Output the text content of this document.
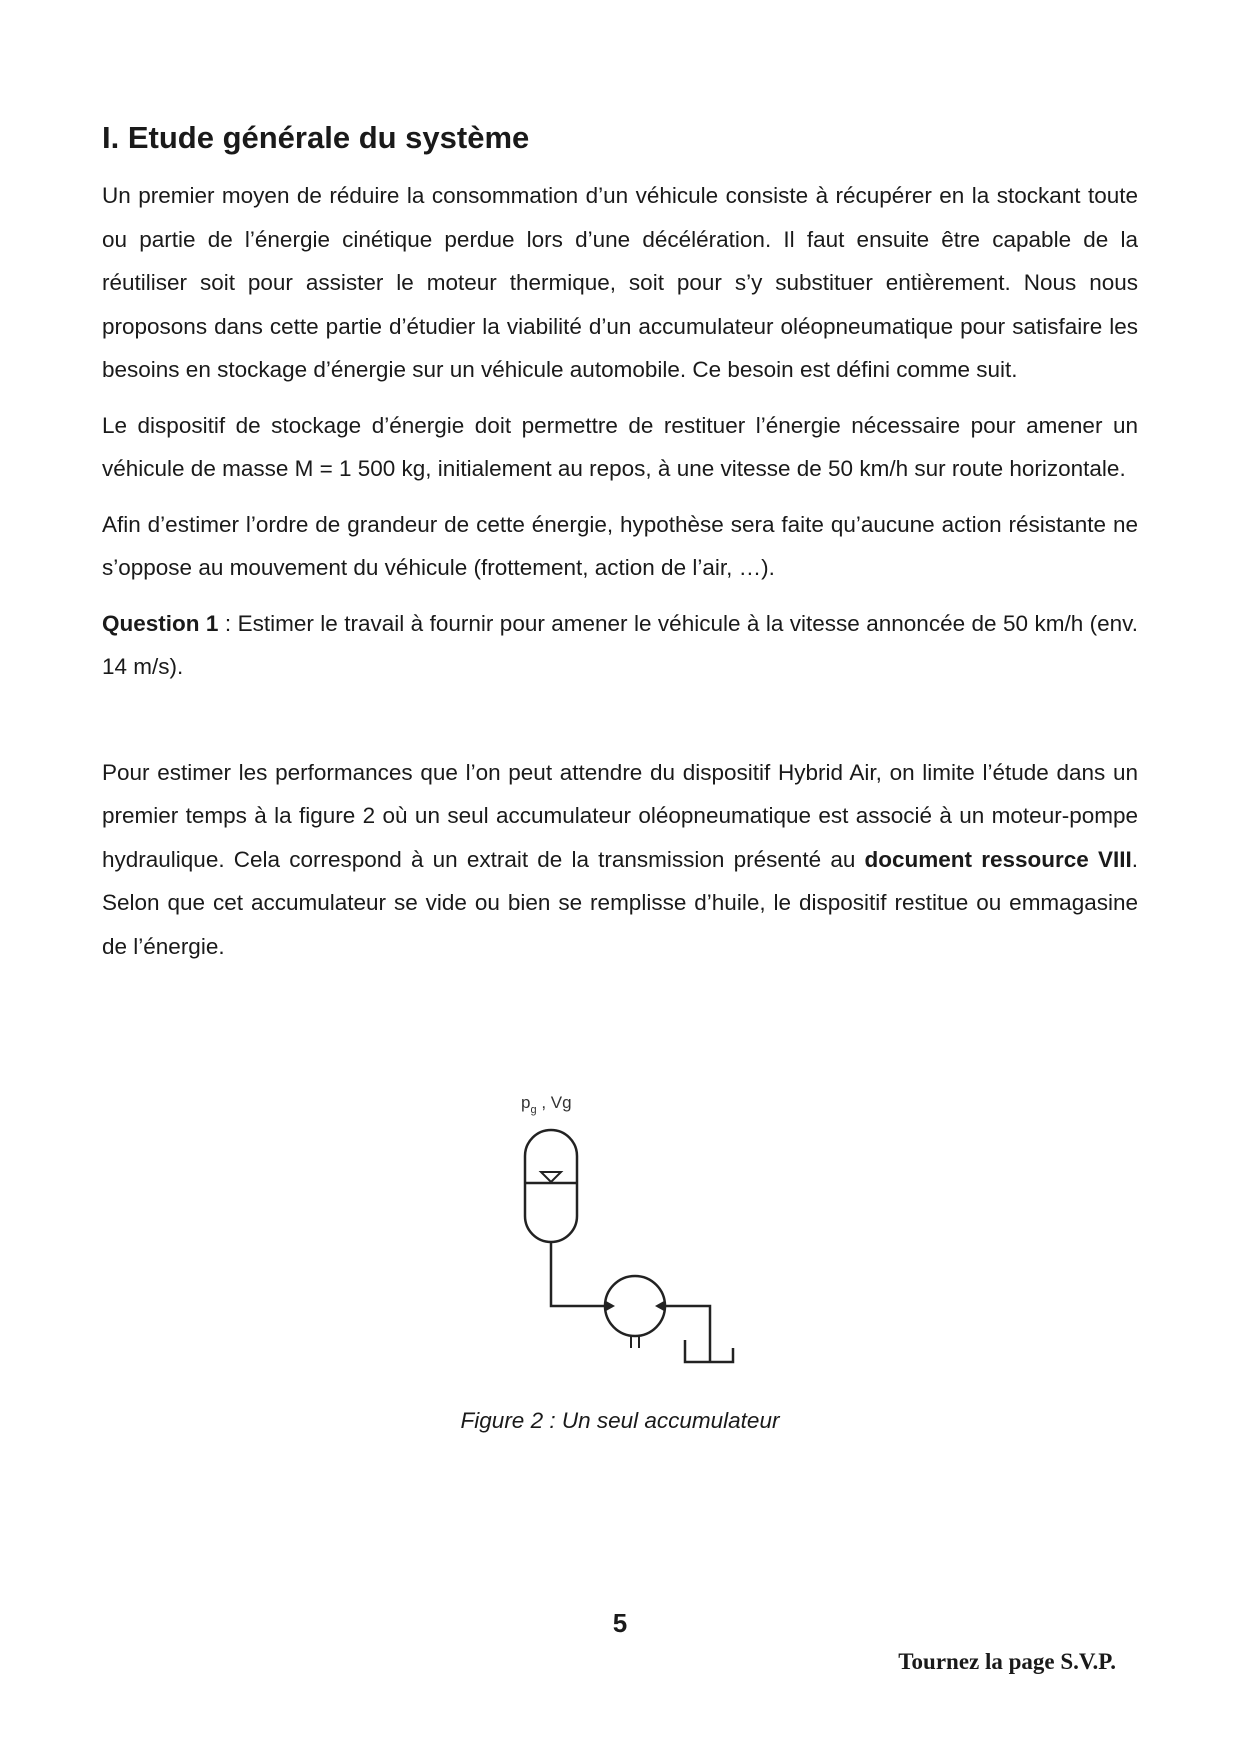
I. Etude générale du système

Un premier moyen de réduire la consommation d’un véhicule consiste à récupérer en la stockant toute ou partie de l’énergie cinétique perdue lors d’une décélération. Il faut ensuite être capable de la réutiliser soit pour assister le moteur thermique, soit pour s’y substituer entièrement. Nous nous proposons dans cette partie d’étudier la viabilité d’un accumulateur oléopneumatique pour satisfaire les besoins en stockage d’énergie sur un véhicule automobile. Ce besoin est défini comme suit.

Le dispositif de stockage d’énergie doit permettre de restituer l’énergie nécessaire pour amener un véhicule de masse M = 1 500 kg, initialement au repos, à une vitesse de 50 km/h sur route horizontale.

Afin d’estimer l’ordre de grandeur de cette énergie, hypothèse sera faite qu’aucune action résistante ne s’oppose au mouvement du véhicule (frottement, action de l’air, …).

Question 1 : Estimer le travail à fournir pour amener le véhicule à la vitesse annoncée de 50 km/h (env. 14 m/s).

Pour estimer les performances que l’on peut attendre du dispositif Hybrid Air, on limite l’étude dans un premier temps à la figure 2 où un seul accumulateur oléopneumatique est associé à un moteur-pompe hydraulique. Cela correspond à un extrait de la transmission présenté au document ressource VIII. Selon que cet accumulateur se vide ou bien se remplisse d’huile, le dispositif restitue ou emmagasine de l’énergie.

$p_g$ , Vg
Figure 2 : Un seul accumulateur
5
Tournez la page S.V.P.
